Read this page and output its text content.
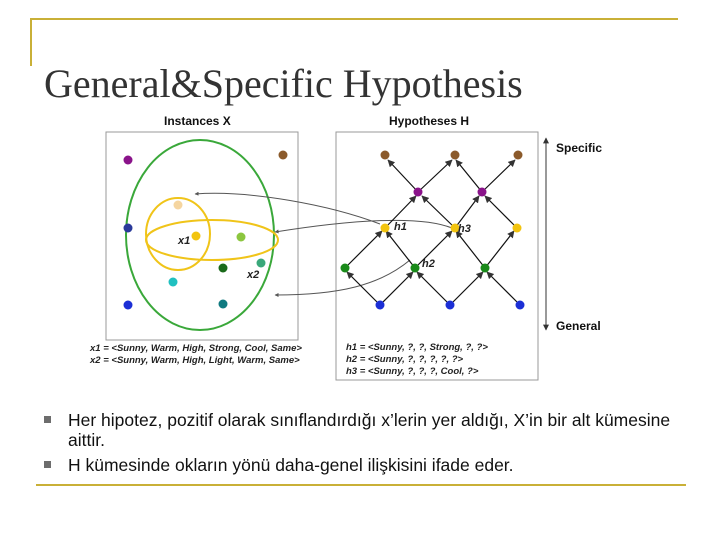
General&Specific Hypothesis
Instances X	Hypotheses H
x1
x2
h1	h3
h2
Specific
General
x1 = <Sunny, Warm, High, Strong, Cool, Same>
x2 = <Sunny, Warm, High, Light, Warm, Same>
h1 = <Sunny, ?, ?, Strong, ?, ?>
h2 = <Sunny, ?, ?, ?, ?, ?>
h3 = <Sunny, ?, ?, ?, Cool, ?>
Her hipotez, pozitif olarak sınıflandırdığı x’lerin yer aldığı, X’in bir alt kümesine aittir.
H kümesinde okların yönü daha-genel ilişkisini ifade eder.
